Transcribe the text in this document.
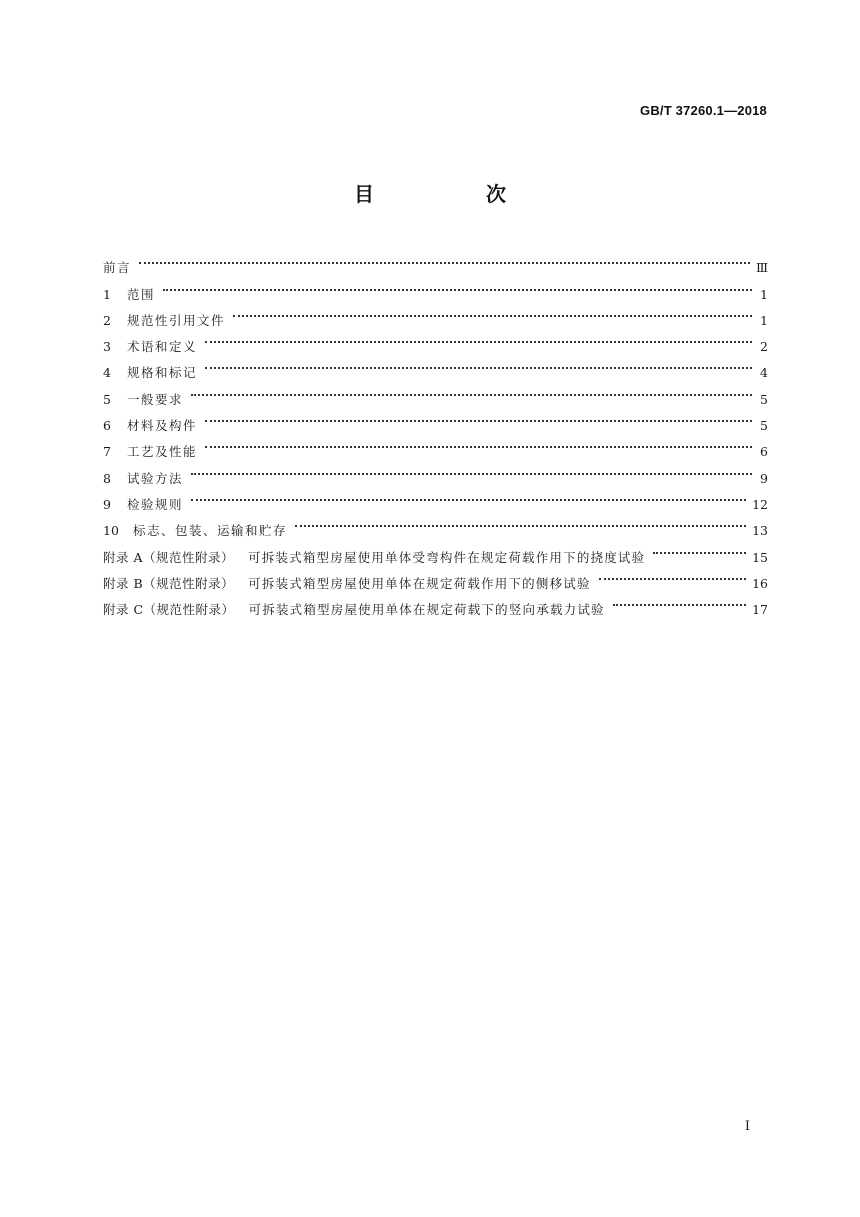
GB/T 37260.1—2018
目　次
前言	Ⅲ
1	范围	1
2	规范性引用文件	1
3	术语和定义	2
4	规格和标记	4
5	一般要求	5
6	材料及构件	5
7	工艺及性能	6
8	试验方法	9
9	检验规则	12
10	标志、包装、运输和贮存	13
附录 A（规范性附录） 可拆装式箱型房屋使用单体受弯构件在规定荷载作用下的挠度试验	15
附录 B（规范性附录） 可拆装式箱型房屋使用单体在规定荷载作用下的侧移试验	16
附录 C（规范性附录） 可拆装式箱型房屋使用单体在规定荷载下的竖向承载力试验	17
Ⅰ
